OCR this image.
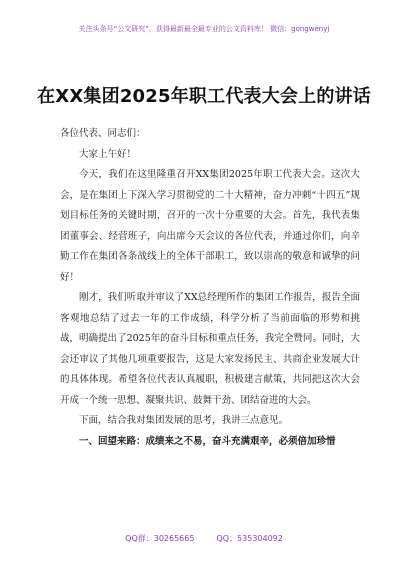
关注头条号“公文研究”，获得最新最全最专业的公文资料库！ 微信：gongwenyj
在XX集团2025年职工代表大会上的讲话

各位代表、同志们：

大家上午好！

今天，我们在这里隆重召开XX集团2025年职工代表大会。这次大会，是在集团上下深入学习贯彻党的二十大精神，奋力冲刺“十四五”规划目标任务的关键时期，召开的一次十分重要的大会。首先，我代表集团董事会、经营班子，向出席今天会议的各位代表，并通过你们，向辛勤工作在集团各条战线上的全体干部职工，致以崇高的敬意和诚挚的问好！

刚才，我们听取并审议了XX总经理所作的集团工作报告，报告全面客观地总结了过去一年的工作成绩，科学分析了当前面临的形势和挑战，明确提出了2025年的奋斗目标和重点任务，我完全赞同。同时，大会还审议了其他几项重要报告，这是大家发扬民主、共商企业发展大计的具体体现。希望各位代表认真履职，积极建言献策，共同把这次大会开成一个统一思想、凝聚共识、鼓舞干劲、团结奋进的大会。

下面，结合我对集团发展的思考，我讲三点意见。

一、回望来路：成绩来之不易，奋斗充满艰辛，必须倍加珍惜

QQ群：30265665	QQ：535304092
